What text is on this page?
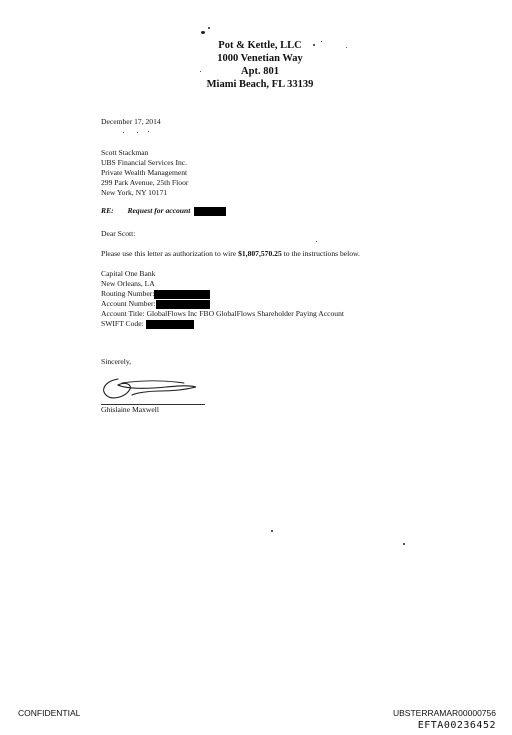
Pot & Kettle, LLC
1000 Venetian Way
Apt. 801
Miami Beach, FL 33139
December 17, 2014
Scott Stackman
UBS Financial Services Inc.
Private Wealth Management
299 Park Avenue, 25th Floor
New York, NY 10171
RE: Request for account
Dear Scott:
Please use this letter as authorization to wire $1,807,570.25 to the instructions below.
Capital One Bank
New Orleans, LA
Routing Number:
Account Number:
Account Title: GlobalFlows Inc FBO GlobalFlows Shareholder Paying Account
SWIFT Code:
Sincerely,
Ghislaine Maxwell
CONFIDENTIAL	UBSTERRAMAR00000756
EFTA00236452
